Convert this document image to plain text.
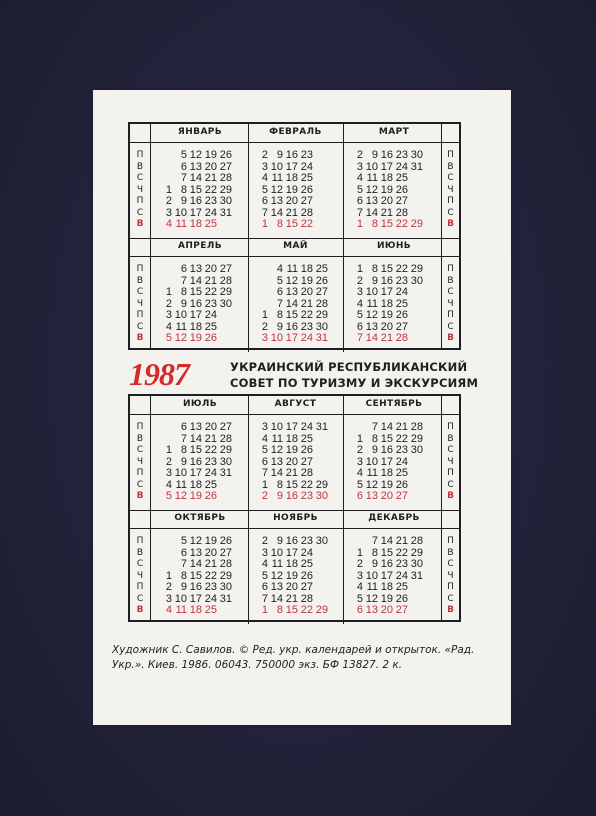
П
В
С
Ч
П
С
В
П
В
С
Ч
П
С
В
П
В
С
Ч
П
С
В
П
В
С
Ч
П
С
В
ЯНВАРЬ
5 12 19 26
6 13 20 27
7 14 21 28
1 8 15 22 29
2 9 16 23 30
3 10 17 24 31
4 11 18 25
ФЕВРАЛЬ
2 9 16 23
3 10 17 24
4 11 18 25
5 12 19 26
6 13 20 27
7 14 21 28
1 8 15 22
МАРТ
2 9 16 23 30
3 10 17 24 31
4 11 18 25
5 12 19 26
6 13 20 27
7 14 21 28
1 8 15 22 29
АПРЕЛЬ
6 13 20 27
7 14 21 28
1 8 15 22 29
2 9 16 23 30
3 10 17 24
4 11 18 25
5 12 19 26
МАЙ
4 11 18 25
5 12 19 26
6 13 20 27
7 14 21 28
1 8 15 22 29
2 9 16 23 30
3 10 17 24 31
ИЮНЬ
1 8 15 22 29
2 9 16 23 30
3 10 17 24
4 11 18 25
5 12 19 26
6 13 20 27
7 14 21 28
1987	УКРАИНСКИЙ РЕСПУБЛИКАНСКИЙ
СОВЕТ ПО ТУРИЗМУ И ЭКСКУРСИЯМ
П
В
С
Ч
П
С
В
П
В
С
Ч
П
С
В
П
В
С
Ч
П
С
В
П
В
С
Ч
П
С
В
ИЮЛЬ
6 13 20 27
7 14 21 28
1 8 15 22 29
2 9 16 23 30
3 10 17 24 31
4 11 18 25
5 12 19 26
АВГУСТ
3 10 17 24 31
4 11 18 25
5 12 19 26
6 13 20 27
7 14 21 28
1 8 15 22 29
2 9 16 23 30
СЕНТЯБРЬ
7 14 21 28
1 8 15 22 29
2 9 16 23 30
3 10 17 24
4 11 18 25
5 12 19 26
6 13 20 27
ОКТЯБРЬ
5 12 19 26
6 13 20 27
7 14 21 28
1 8 15 22 29
2 9 16 23 30
3 10 17 24 31
4 11 18 25
НОЯБРЬ
2 9 16 23 30
3 10 17 24
4 11 18 25
5 12 19 26
6 13 20 27
7 14 21 28
1 8 15 22 29
ДЕКАБРЬ
7 14 21 28
1 8 15 22 29
2 9 16 23 30
3 10 17 24 31
4 11 18 25
5 12 19 26
6 13 20 27
Художник С. Савилов. © Ред. укр. календарей и открыток. «Рад. Укр.». Киев. 1986. 06043. 750000 экз. БФ 13827. 2 к.
